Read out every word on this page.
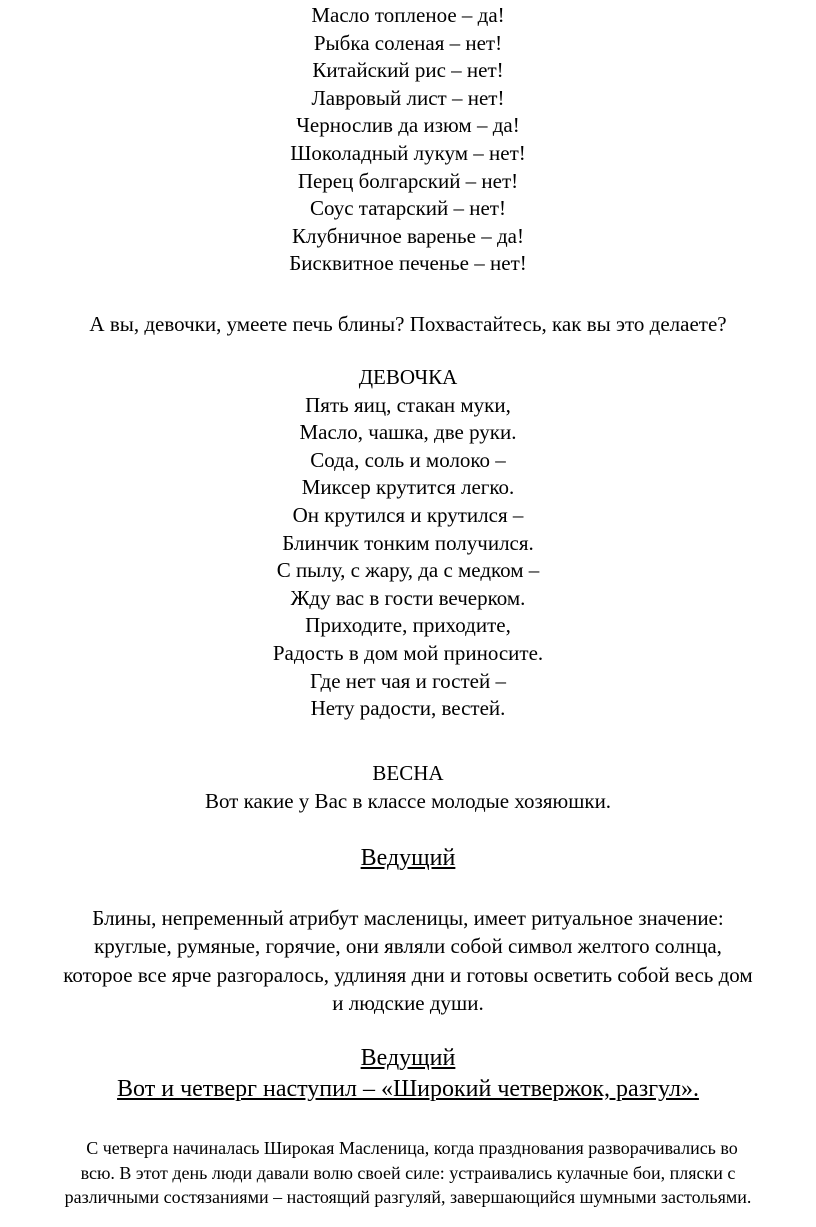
Масло топленое – да!
Рыбка соленая – нет!
Китайский рис – нет!
Лавровый лист – нет!
Чернослив да изюм – да!
Шоколадный лукум – нет!
Перец болгарский – нет!
Соус татарский – нет!
Клубничное варенье – да!
Бисквитное печенье – нет!
А вы, девочки, умеете печь блины? Похвастайтесь, как вы это делаете?
ДЕВОЧКА
Пять яиц, стакан муки,
Масло, чашка, две руки.
Сода, соль и молоко –
Миксер крутится легко.
Он крутился и крутился –
Блинчик тонким получился.
С пылу, с жару, да с медком –
Жду вас в гости вечерком.
Приходите, приходите,
Радость в дом мой приносите.
Где нет чая и гостей –
Нету радости, вестей.
ВЕСНА
Вот какие у Вас в классе молодые хозяюшки.
Ведущий
Блины, непременный атрибут масленицы, имеет ритуальное значение:
круглые, румяные, горячие, они являли собой символ желтого солнца,
которое все ярче разгоралось, удлиняя дни и готовы осветить собой весь дом
и людские души.
Ведущий
Вот и четверг наступил – «Широкий четвержок, разгул».
С четверга начиналась Широкая Масленица, когда празднования разворачивались во
всю. В этот день люди давали волю своей силе: устраивались кулачные бои, пляски с
различными состязаниями – настоящий разгуляй, завершающийся шумными застольями.
